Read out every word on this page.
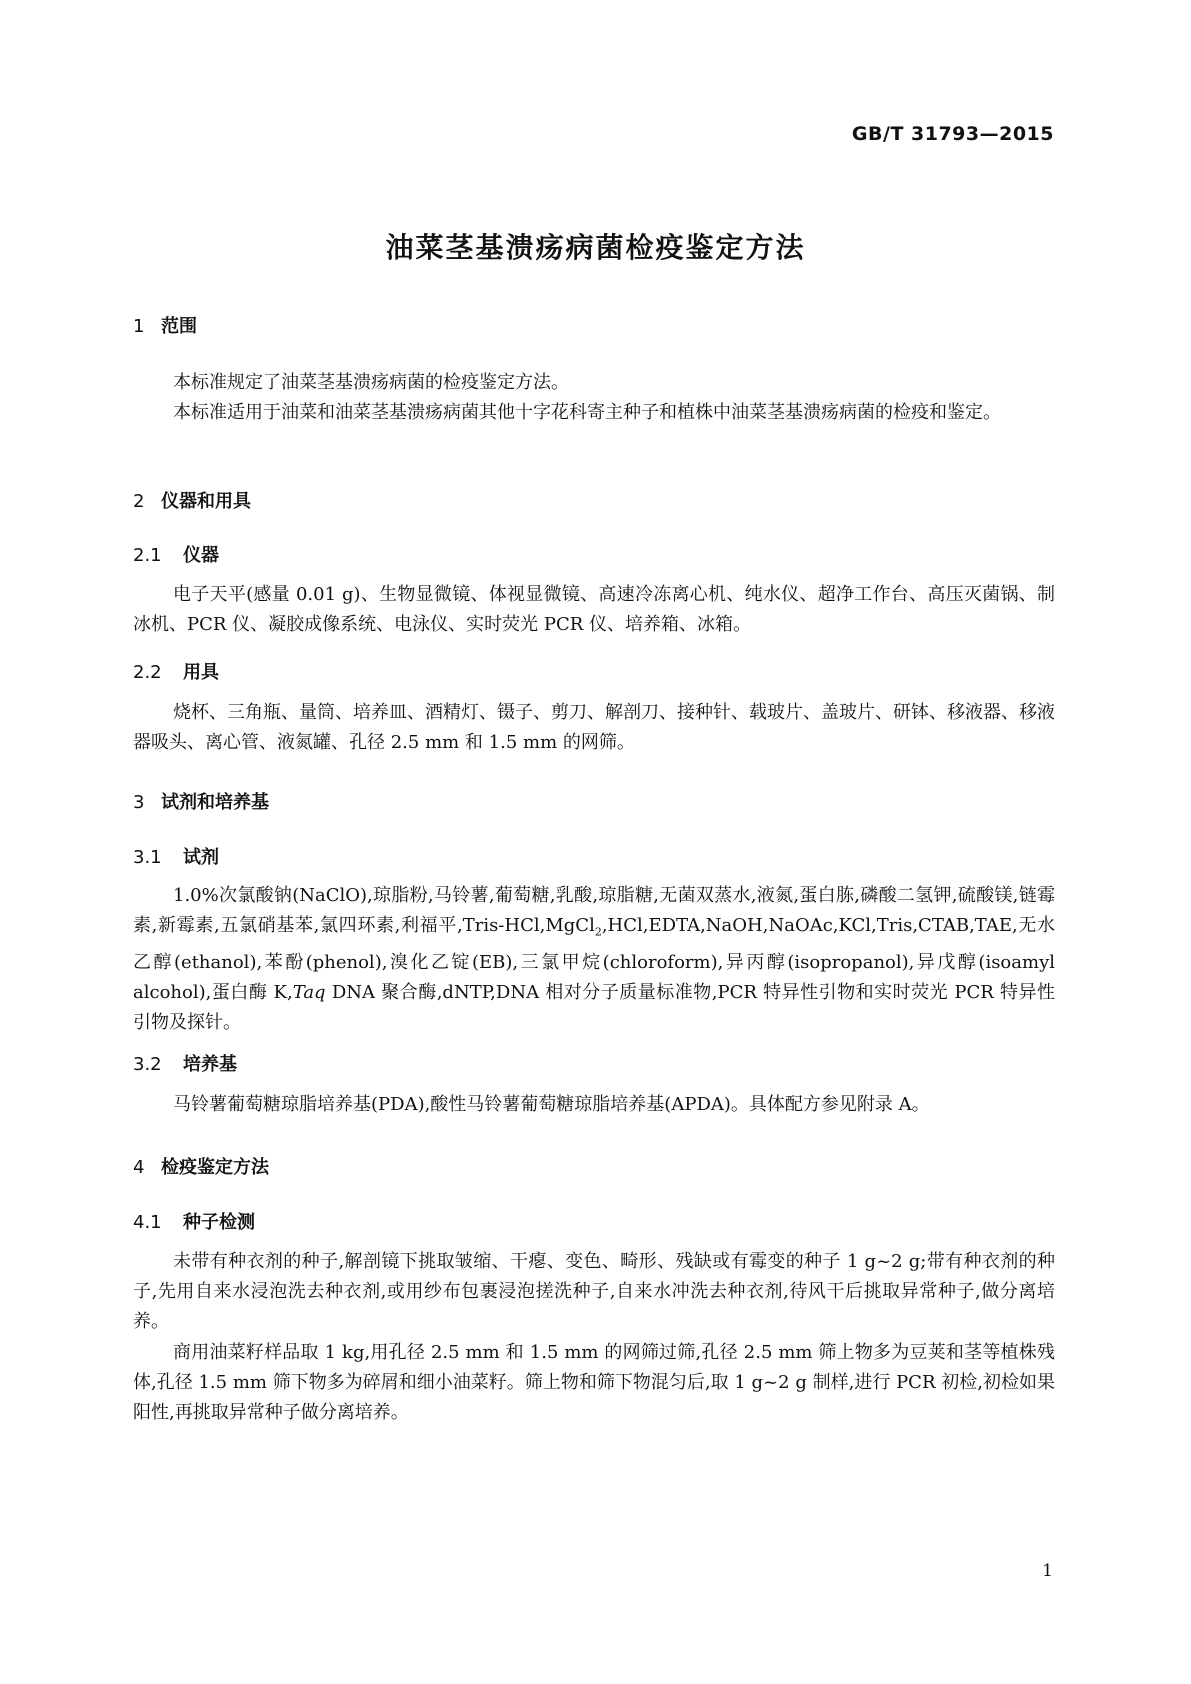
GB/T 31793—2015
油菜茎基溃疡病菌检疫鉴定方法
1 范围
本标准规定了油菜茎基溃疡病菌的检疫鉴定方法。
本标准适用于油菜和油菜茎基溃疡病菌其他十字花科寄主种子和植株中油菜茎基溃疡病菌的检疫和鉴定。
2 仪器和用具
2.1 仪器
电子天平(感量 0.01 g)、生物显微镜、体视显微镜、高速冷冻离心机、纯水仪、超净工作台、高压灭菌锅、制冰机、PCR 仪、凝胶成像系统、电泳仪、实时荧光 PCR 仪、培养箱、冰箱。
2.2 用具
烧杯、三角瓶、量筒、培养皿、酒精灯、镊子、剪刀、解剖刀、接种针、载玻片、盖玻片、研钵、移液器、移液器吸头、离心管、液氮罐、孔径 2.5 mm 和 1.5 mm 的网筛。
3 试剂和培养基
3.1 试剂
1.0%次氯酸钠(NaClO),琼脂粉,马铃薯,葡萄糖,乳酸,琼脂糖,无菌双蒸水,液氮,蛋白胨,磷酸二氢钾,硫酸镁,链霉素,新霉素,五氯硝基苯,氯四环素,利福平,Tris-HCl,MgCl$_2$,HCl,EDTA,NaOH,NaOAc,KCl,Tris,CTAB,TAE,无水乙醇(ethanol),苯酚(phenol),溴化乙锭(EB),三氯甲烷(chloroform),异丙醇(isopropanol),异戊醇(isoamyl alcohol),蛋白酶 K,Taq DNA 聚合酶,dNTP,DNA 相对分子质量标准物,PCR 特异性引物和实时荧光 PCR 特异性引物及探针。
3.2 培养基
马铃薯葡萄糖琼脂培养基(PDA),酸性马铃薯葡萄糖琼脂培养基(APDA)。具体配方参见附录 A。
4 检疫鉴定方法
4.1 种子检测
未带有种衣剂的种子,解剖镜下挑取皱缩、干瘪、变色、畸形、残缺或有霉变的种子 1 g~2 g;带有种衣剂的种子,先用自来水浸泡洗去种衣剂,或用纱布包裹浸泡搓洗种子,自来水冲洗去种衣剂,待风干后挑取异常种子,做分离培养。
商用油菜籽样品取 1 kg,用孔径 2.5 mm 和 1.5 mm 的网筛过筛,孔径 2.5 mm 筛上物多为豆荚和茎等植株残体,孔径 1.5 mm 筛下物多为碎屑和细小油菜籽。筛上物和筛下物混匀后,取 1 g~2 g 制样,进行 PCR 初检,初检如果阳性,再挑取异常种子做分离培养。
1
